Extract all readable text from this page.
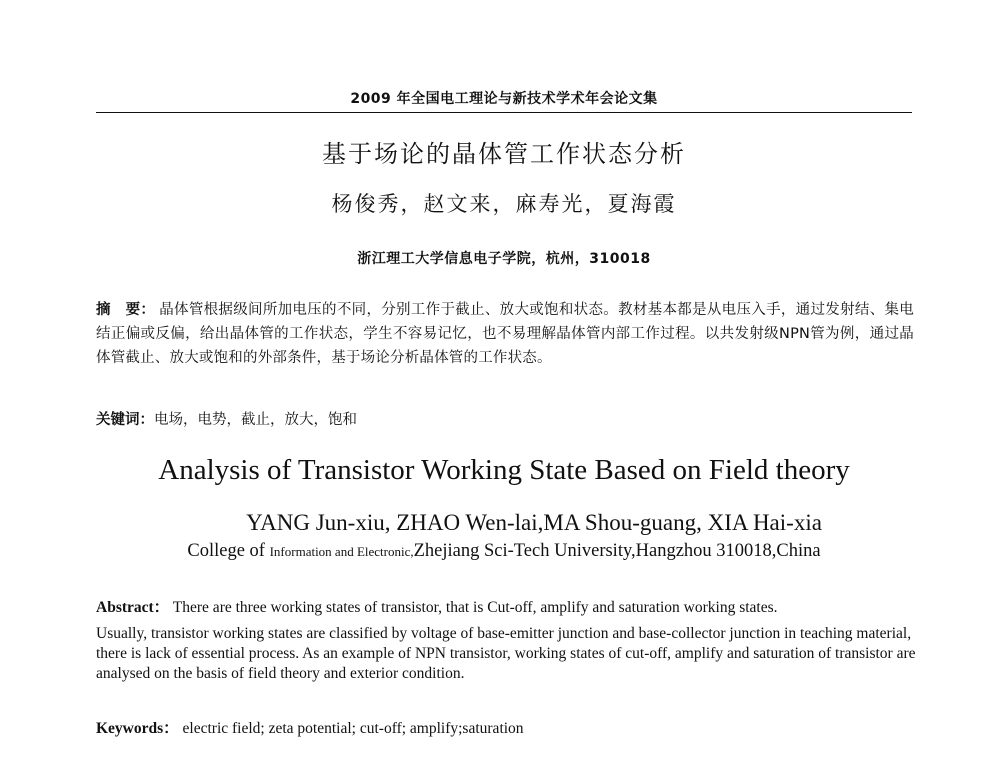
2009 年全国电工理论与新技术学术年会论文集
基于场论的晶体管工作状态分析
杨俊秀，赵文来，麻寿光，夏海霞
浙江理工大学信息电子学院，杭州，310018
摘　要： 晶体管根据级间所加电压的不同，分别工作于截止、放大或饱和状态。教材基本都是从电压入手，通过发射结、集电结正偏或反偏，给出晶体管的工作状态，学生不容易记忆，也不易理解晶体管内部工作过程。以共发射级NPN管为例，通过晶体管截止、放大或饱和的外部条件，基于场论分析晶体管的工作状态。
关键词：电场，电势，截止，放大，饱和
Analysis of Transistor Working State Based on Field theory
YANG Jun-xiu, ZHAO Wen-lai,MA Shou-guang, XIA Hai-xia
College of Information and Electronic,Zhejiang Sci-Tech University,Hangzhou 310018,China
Abstract： There are three working states of transistor, that is Cut-off, amplify and saturation working states.
Usually, transistor working states are classified by voltage of base-emitter junction and base-collector junction in teaching material, there is lack of essential process. As an example of NPN transistor, working states of cut-off, amplify and saturation of transistor are analysed on the basis of field theory and exterior condition.
Keywords： electric field; zeta potential; cut-off; amplify;saturation
